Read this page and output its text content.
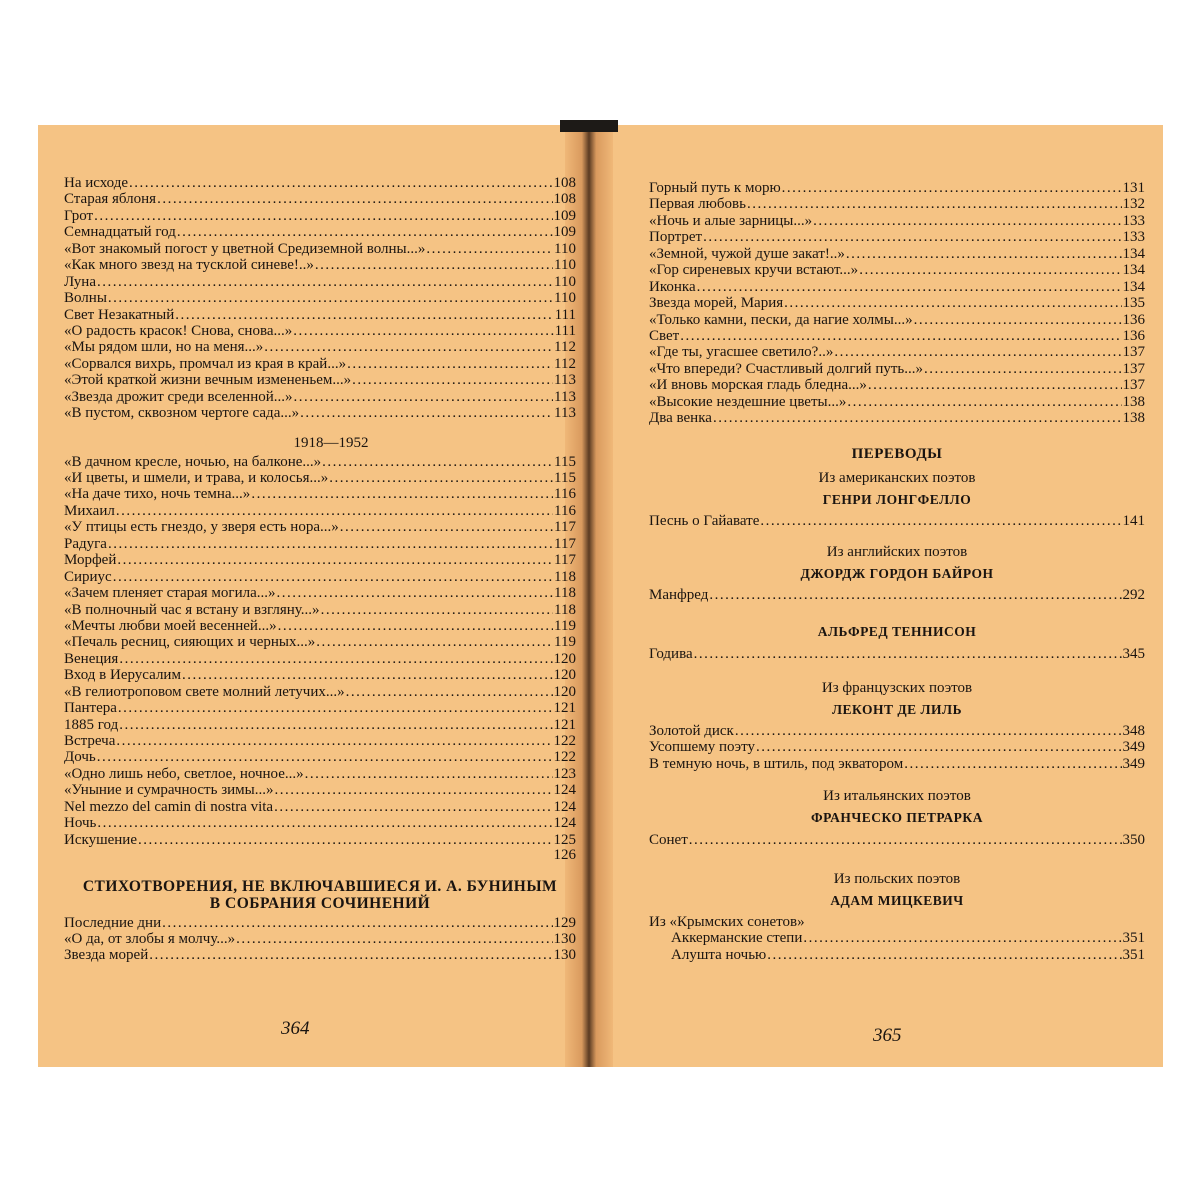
На исходе .....	108
Старая яблоня .....	108
Грот .....	109
Семнадцатый год .....	109
«Вот знакомый погост у цветной Средиземной волны...» .....	110
«Как много звезд на тусклой синеве!..» .....	110
Луна .....	110
Волны .....	110
Свет Незакатный .....	111
«О радость красок! Снова, снова...» .....	111
«Мы рядом шли, но на меня...» .....	112
«Сорвался вихрь, промчал из края в край...» .....	112
«Этой краткой жизни вечным измененьем...» .....	113
«Звезда дрожит среди вселенной...» .....	113
«В пустом, сквозном чертоге сада...» .....	113
1918—1952
«В дачном кресле, ночью, на балконе...» .....	115
«И цветы, и шмели, и трава, и колосья...» .....	115
«На даче тихо, ночь темна...» .....	116
Михаил .....	116
«У птицы есть гнездо, у зверя есть нора...» .....	117
Радуга .....	117
Морфей .....	117
Сириус .....	118
«Зачем пленяет старая могила...» .....	118
«В полночный час я встану и взгляну...» .....	118
«Мечты любви моей весенней...» .....	119
«Печаль ресниц, сияющих и черных...» .....	119
Венеция .....	120
Вход в Иерусалим .....	120
«В гелиотроповом свете молний летучих...» .....	120
Пантера .....	121
1885 год .....	121
Встреча .....	122
Дочь .....	122
«Одно лишь небо, светлое, ночное...» .....	123
«Уныние и сумрачность зимы...» .....	124
Nel mezzo del camin di nostra vita .....	124
Ночь .....	124
Искушение .....	125
126
СТИХОТВОРЕНИЯ, НЕ ВКЛЮЧАВШИЕСЯ И. А. БУНИНЫМ
В СОБРАНИЯ СОЧИНЕНИЙ
Последние дни .....	129
«О да, от злобы я молчу...» .....	130
Звезда морей .....	130
364
Горный путь к морю .....	131
Первая любовь .....	132
«Ночь и алые зарницы...» .....	133
Портрет .....	133
«Земной, чужой душе закат!..» .....	134
«Гор сиреневых кручи встают...» .....	134
Иконка .....	134
Звезда морей, Мария .....	135
«Только камни, пески, да нагие холмы...» .....	136
Свет .....	136
«Где ты, угасшее светило?..» .....	137
«Что впереди? Счастливый долгий путь...» .....	137
«И вновь морская гладь бледна...» .....	137
«Высокие нездешние цветы...» .....	138
Два венка .....	138
ПЕРЕВОДЫ
Из американских поэтов
ГЕНРИ ЛОНГФЕЛЛО
Песнь о Гайавате .....	141
Из английских поэтов
ДЖОРДЖ ГОРДОН БАЙРОН
Манфред .....	292
АЛЬФРЕД ТЕННИСОН
Годива .....	345
Из французских поэтов
ЛЕКОНТ ДЕ ЛИЛЬ
Золотой диск .....	348
Усопшему поэту .....	349
В темную ночь, в штиль, под экватором .....	349
Из итальянских поэтов
ФРАНЧЕСКО ПЕТРАРКА
Сонет .....	350
Из польских поэтов
АДАМ МИЦКЕВИЧ
Из «Крымских сонетов»
Аккерманские степи .....	351
Алушта ночью .....	351
365
